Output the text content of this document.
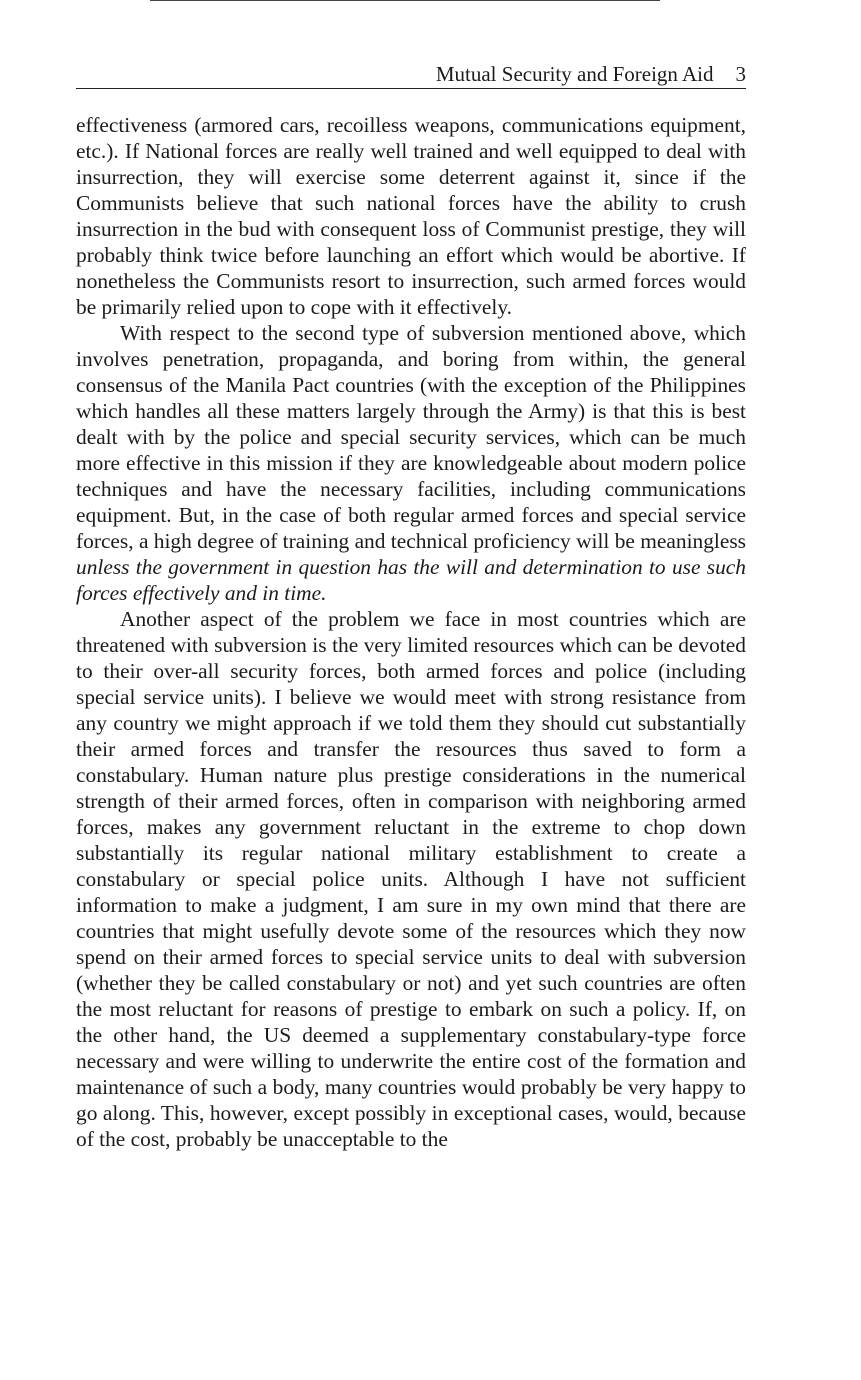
Mutual Security and Foreign Aid 3

effectiveness (armored cars, recoilless weapons, communications equipment, etc.). If National forces are really well trained and well equipped to deal with insurrection, they will exercise some deterrent against it, since if the Communists believe that such national forces have the ability to crush insurrection in the bud with consequent loss of Communist prestige, they will probably think twice before launching an effort which would be abortive. If nonetheless the Communists resort to insurrection, such armed forces would be primarily relied upon to cope with it effectively.

With respect to the second type of subversion mentioned above, which involves penetration, propaganda, and boring from within, the general consensus of the Manila Pact countries (with the exception of the Philippines which handles all these matters largely through the Army) is that this is best dealt with by the police and special security services, which can be much more effective in this mission if they are knowledgeable about modern police techniques and have the necessary facilities, including communications equipment. But, in the case of both regular armed forces and special service forces, a high degree of training and technical proficiency will be meaningless unless the government in question has the will and determination to use such forces effectively and in time.

Another aspect of the problem we face in most countries which are threatened with subversion is the very limited resources which can be devoted to their over-all security forces, both armed forces and police (including special service units). I believe we would meet with strong resistance from any country we might approach if we told them they should cut substantially their armed forces and transfer the resources thus saved to form a constabulary. Human nature plus prestige considerations in the numerical strength of their armed forces, often in comparison with neighboring armed forces, makes any government reluctant in the extreme to chop down substantially its regular national military establishment to create a constabulary or special police units. Although I have not sufficient information to make a judgment, I am sure in my own mind that there are countries that might usefully devote some of the resources which they now spend on their armed forces to special service units to deal with subversion (whether they be called constabulary or not) and yet such countries are often the most reluctant for reasons of prestige to embark on such a policy. If, on the other hand, the US deemed a supplementary constabulary-type force necessary and were willing to underwrite the entire cost of the formation and maintenance of such a body, many countries would probably be very happy to go along. This, however, except possibly in exceptional cases, would, because of the cost, probably be unacceptable to the
